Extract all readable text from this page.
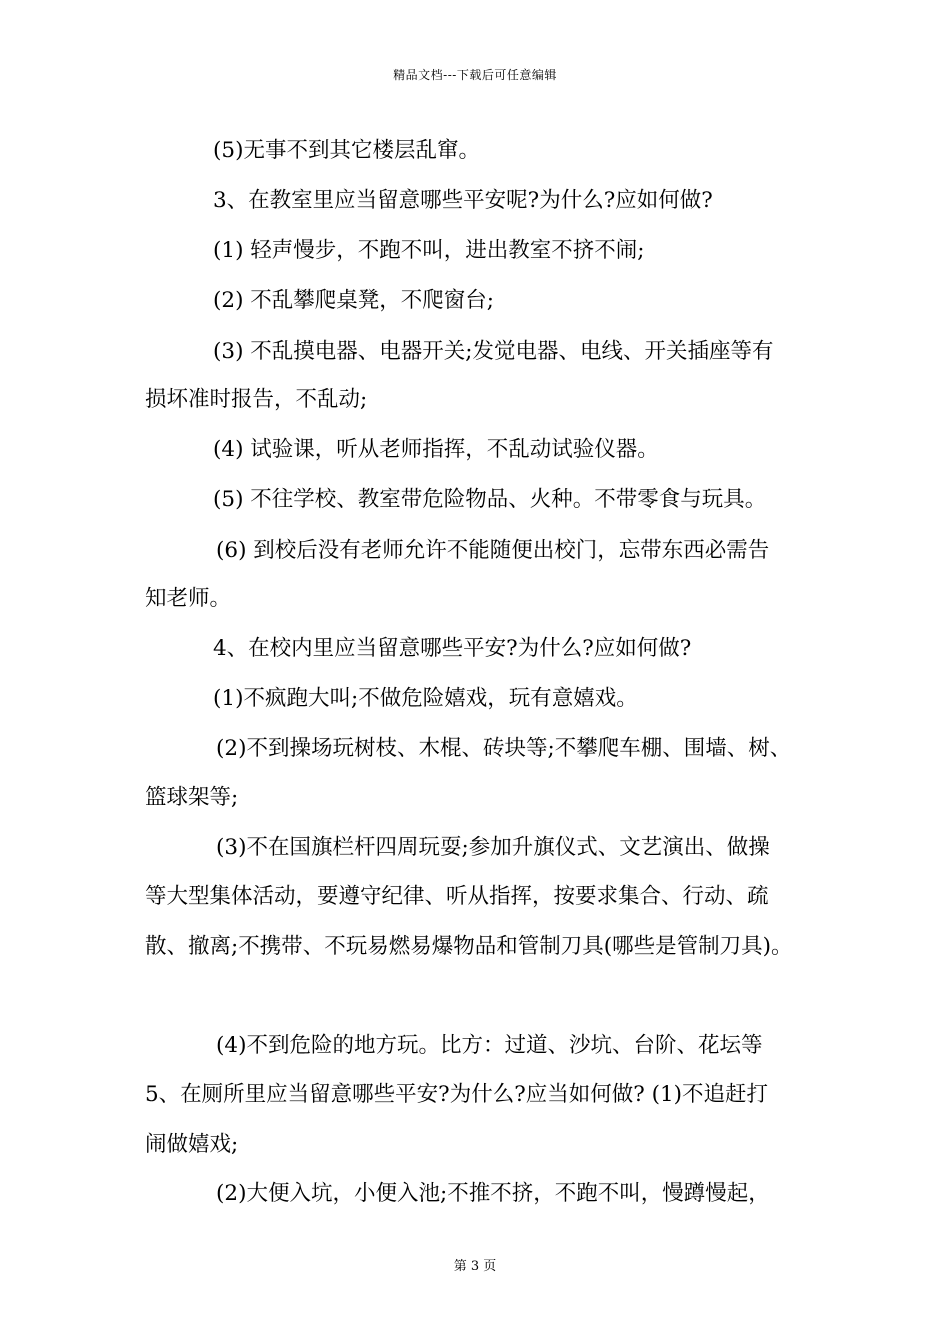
精品文档---下载后可任意编辑
(5)无事不到其它楼层乱窜。
3、在教室里应当留意哪些平安呢?为什么?应如何做?
(1) 轻声慢步，不跑不叫，进出教室不挤不闹;
(2) 不乱攀爬桌凳，不爬窗台;
(3) 不乱摸电器、电器开关;发觉电器、电线、开关插座等有
损坏准时报告，不乱动;
(4) 试验课，听从老师指挥，不乱动试验仪器。
(5) 不往学校、教室带危险物品、火种。不带零食与玩具。
(6) 到校后没有老师允许不能随便出校门，忘带东西必需告
知老师。
4、在校内里应当留意哪些平安?为什么?应如何做?
(1)不疯跑大叫;不做危险嬉戏，玩有意嬉戏。
(2)不到操场玩树枝、木棍、砖块等;不攀爬车棚、围墙、树、
篮球架等;
(3)不在国旗栏杆四周玩耍;参加升旗仪式、文艺演出、做操
等大型集体活动，要遵守纪律、听从指挥，按要求集合、行动、疏
散、撤离;不携带、不玩易燃易爆物品和管制刀具(哪些是管制刀具)。
(4)不到危险的地方玩。比方：过道、沙坑、台阶、花坛等
5、在厕所里应当留意哪些平安?为什么?应当如何做? (1)不追赶打
闹做嬉戏;
(2)大便入坑，小便入池;不推不挤，不跑不叫，慢蹲慢起，
第 3 页
